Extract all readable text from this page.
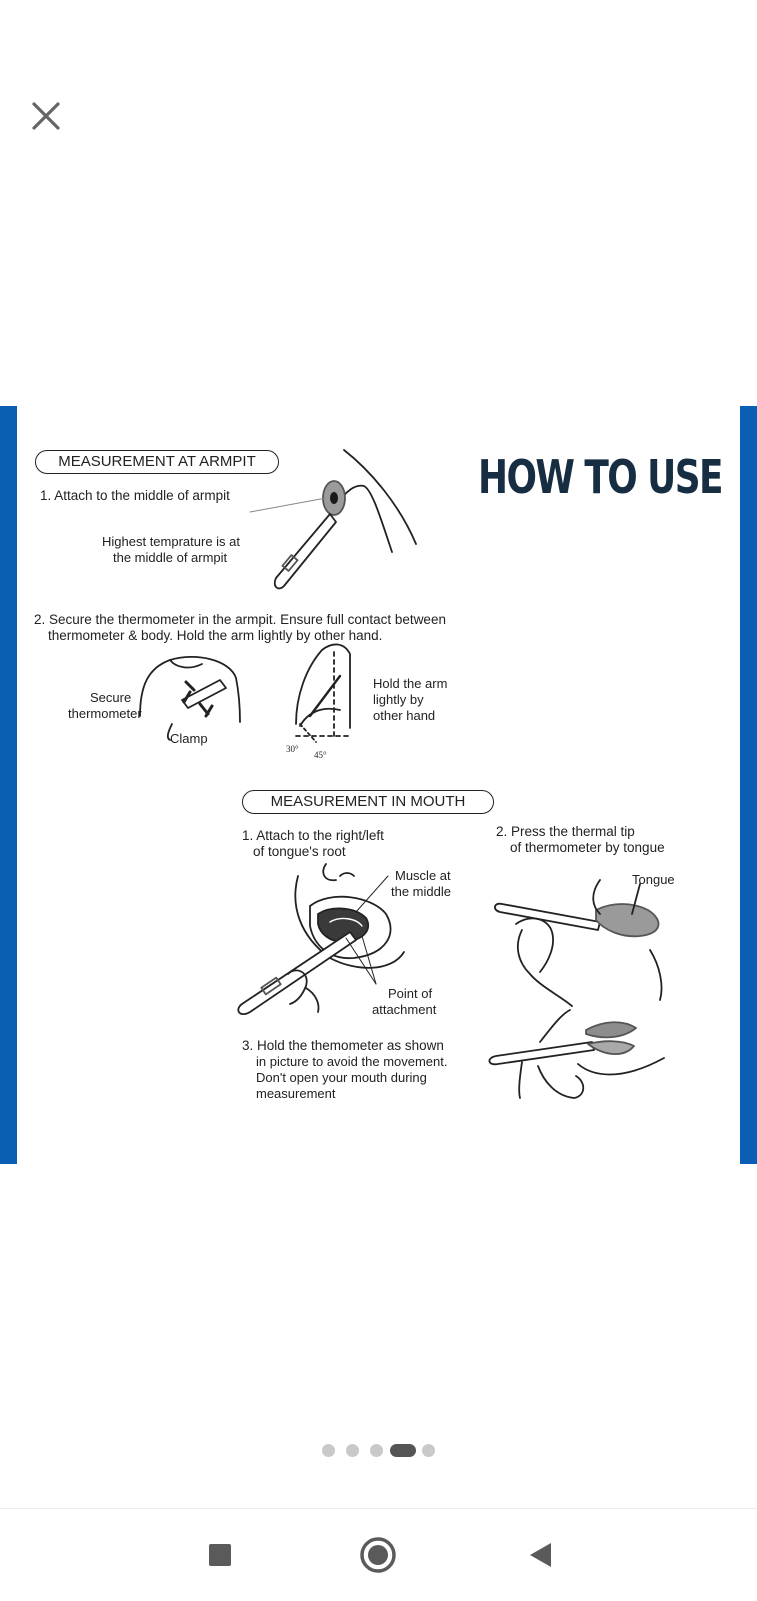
MEASUREMENT AT ARMPIT
1. Attach to the middle of armpit
Highest temprature is at
the middle of armpit
HOW TO USE
2. Secure the thermometer in the armpit. Ensure full contact between
thermometer & body. Hold the arm lightly by other hand.
Secure
thermometer
Clamp
Hold the arm
lightly by
other hand
30°
45°
MEASUREMENT IN MOUTH
1. Attach to the right/left
of tongue's root
Muscle at
the middle
Point of
attachment
2. Press the thermal tip
of thermometer by tongue
Tongue
3. Hold the themometer as shown
in picture to avoid the movement.
Don't open your mouth during
measurement
